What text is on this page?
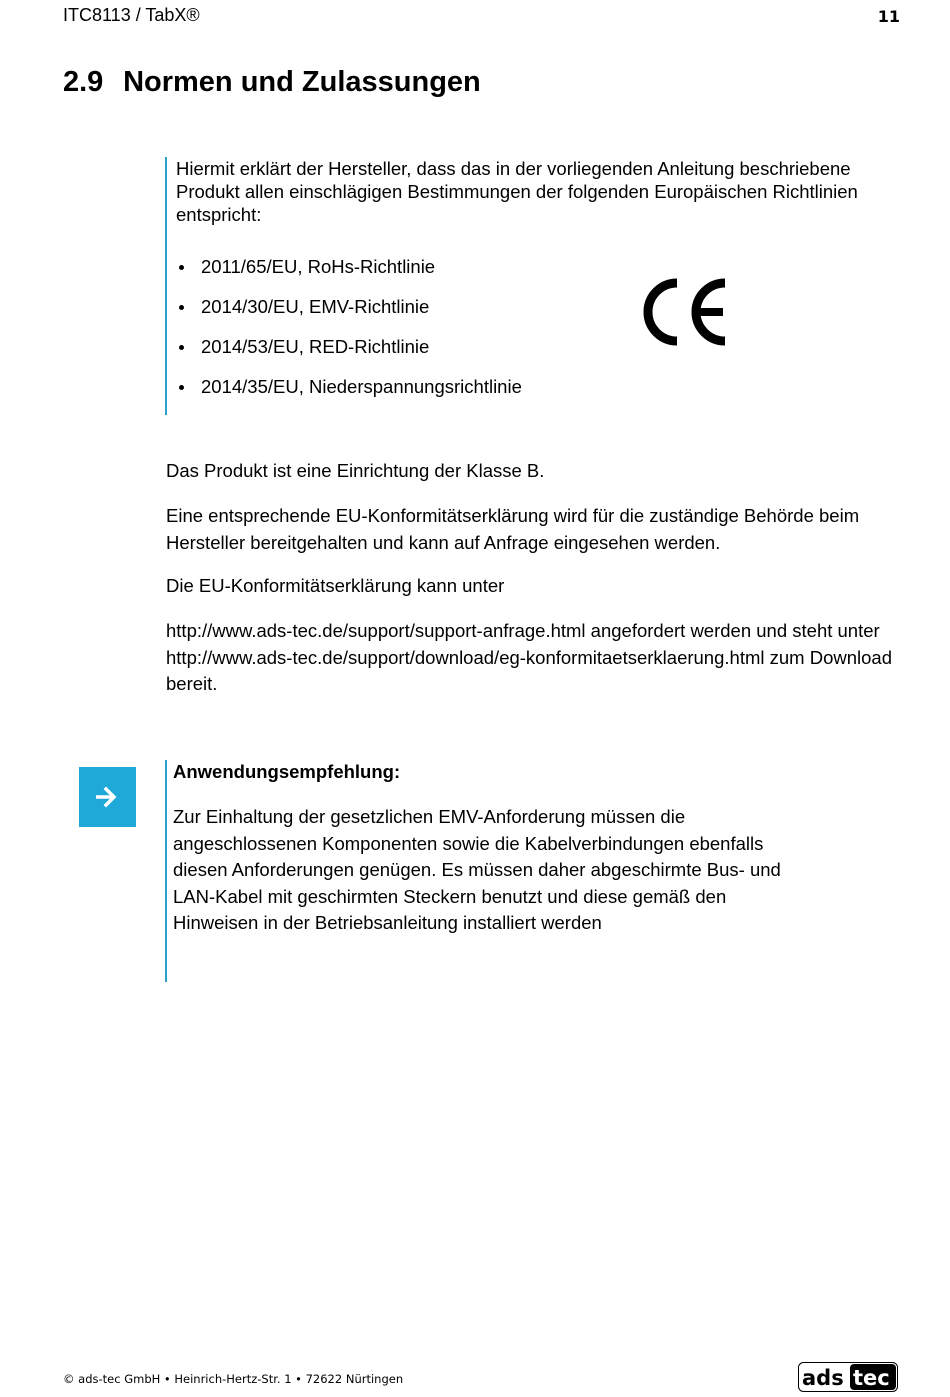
ITC8113 / TabX®	11
2.9 Normen und Zulassungen
Hiermit erklärt der Hersteller, dass das in der vorliegenden Anleitung beschriebene Produkt allen einschlägigen Bestimmungen der folgenden Europäischen Richtlinien entspricht:
2011/65/EU, RoHs-Richtlinie
2014/30/EU, EMV-Richtlinie
2014/53/EU, RED-Richtlinie
2014/35/EU, Niederspannungsrichtlinie

Das Produkt ist eine Einrichtung der Klasse B.

Eine entsprechende EU-Konformitätserklärung wird für die zuständige Behörde beim Hersteller bereitgehalten und kann auf Anfrage eingesehen werden.

Die EU-Konformitätserklärung kann unter

http://www.ads-tec.de/support/support-anfrage.html angefordert werden und steht unter http://www.ads-tec.de/support/download/eg-konformitaetserklaerung.html zum Download bereit.

Anwendungsempfehlung:

Zur Einhaltung der gesetzlichen EMV-Anforderung müssen die angeschlossenen Komponenten sowie die Kabelverbindungen ebenfalls diesen Anforderungen genügen. Es müssen daher abgeschirmte Bus- und LAN-Kabel mit geschirmten Steckern benutzt und diese gemäß den Hinweisen in der Betriebsanleitung installiert werden

© ads-tec GmbH • Heinrich-Hertz-Str. 1 • 72622 Nürtingen	ads tec
